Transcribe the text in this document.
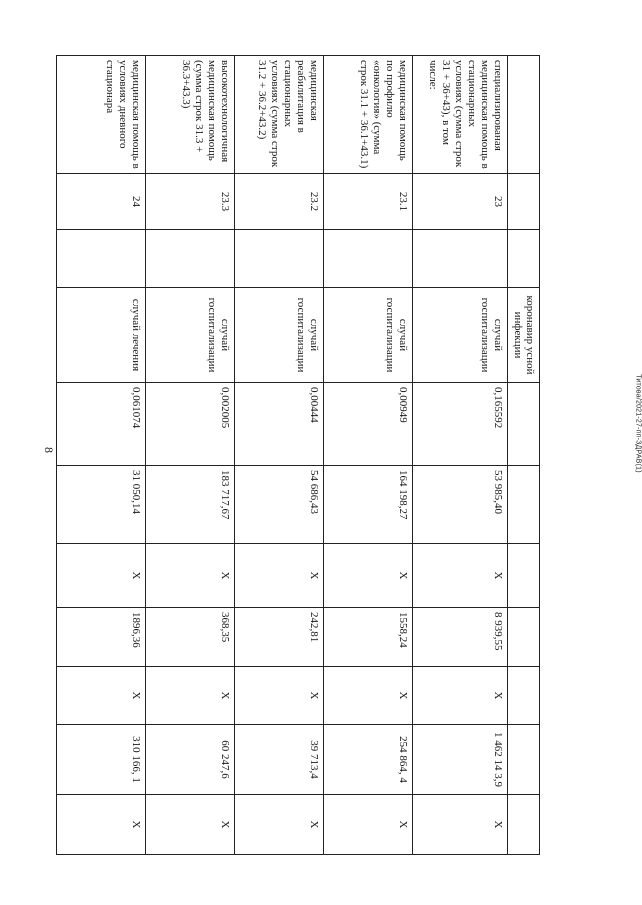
8	Титова/2021-27-пп-ЗДРАВ(1)
			коронавир усной инфекции							
специализированая медицинская помощь в стационарных условиях (сумма строк 31 + 36+43), в том числе:	23		случай госпитализации	0,165592	53 985,40	Х	8 939,55	Х	1 462 14 3,9	Х
медицинская помощь по профилю «онкология» (сумма строк 31.1 + 36.1+43.1)	23.1		случай госпитализации	0,00949	164 198,27	Х	1558,24	Х	254 864, 4	Х
медицинская реабилитация в стационарных условиях (сумма строк 31.2 + 36.2+43.2)	23.2		случай госпитализации	0,00444	54 686,43	Х	242,81	Х	39 713,4	Х
высокотехнологичная медицинская помощь (сумма строк 31.3 + 36.3+43.3)	23.3		случай госпитализации	0,002005	183 717,67	Х	368,35	Х	60 247,6	Х
медицинская помощь в условиях дневного стационара	24		случай лечения	0,061074	31 050,14	Х	1896,36	Х	310 166, 1	Х
